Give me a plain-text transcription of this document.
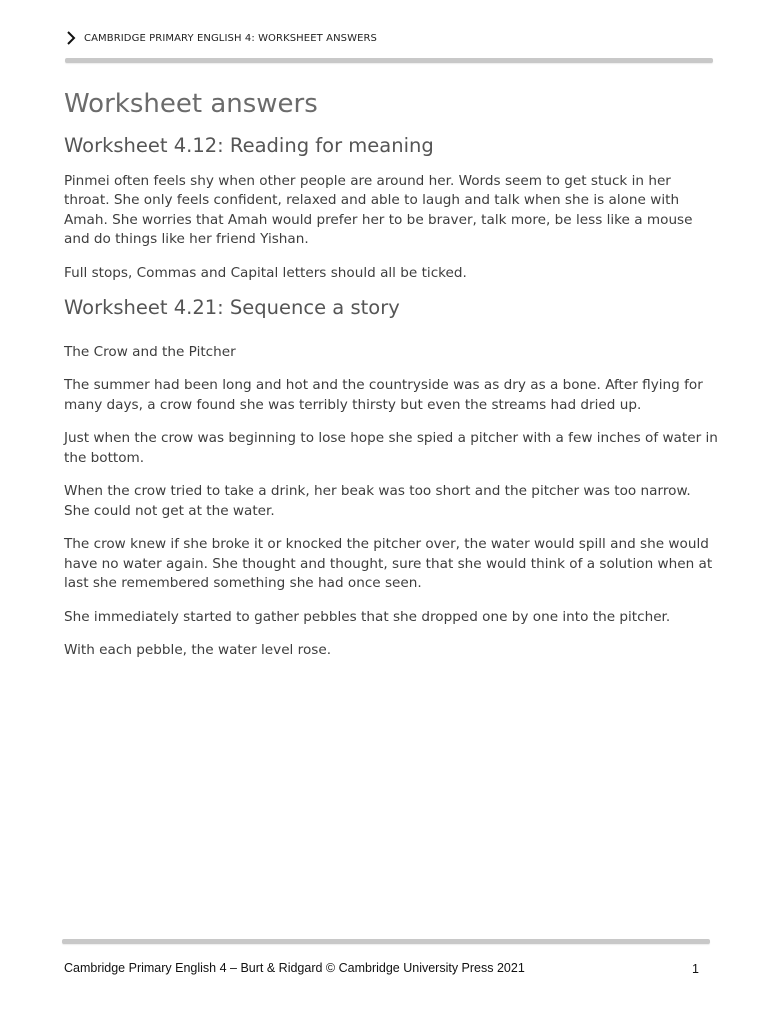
CAMBRIDGE PRIMARY ENGLISH 4: WORKSHEET ANSWERS
Worksheet answers
Worksheet 4.12: Reading for meaning

Pinmei often feels shy when other people are around her. Words seem to get stuck in her throat. She only feels confident, relaxed and able to laugh and talk when she is alone with Amah. She worries that Amah would prefer her to be braver, talk more, be less like a mouse and do things like her friend Yishan.

Full stops, Commas and Capital letters should all be ticked.

Worksheet 4.21: Sequence a story

The Crow and the Pitcher

The summer had been long and hot and the countryside was as dry as a bone. After flying for many days, a crow found she was terribly thirsty but even the streams had dried up.

Just when the crow was beginning to lose hope she spied a pitcher with a few inches of water in the bottom.

When the crow tried to take a drink, her beak was too short and the pitcher was too narrow. She could not get at the water.

The crow knew if she broke it or knocked the pitcher over, the water would spill and she would have no water again. She thought and thought, sure that she would think of a solution when at last she remembered something she had once seen.

She immediately started to gather pebbles that she dropped one by one into the pitcher.

With each pebble, the water level rose.

Cambridge Primary English 4 – Burt & Ridgard © Cambridge University Press 2021	1
